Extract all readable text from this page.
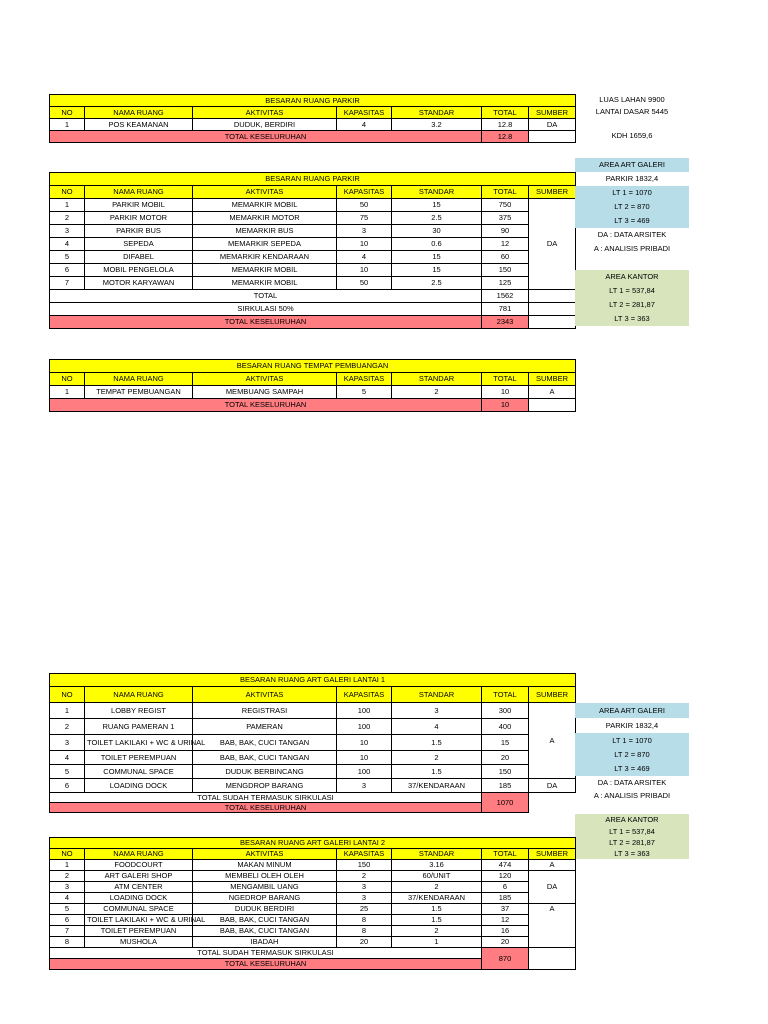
BESARAN RUANG PARKIR						
NO	NAMA RUANG	AKTIVITAS	KAPASITAS	STANDAR	TOTAL	SUMBER
1	POS KEAMANAN	DUDUK, BERDIRI	4	3.2	12.8	DA
TOTAL KESELURUHAN					12.8	
LUAS LAHAN 9900
LANTAI DASAR 5445
KDH 1659,6
BESARAN RUANG PARKIR						
NO	NAMA RUANG	AKTIVITAS	KAPASITAS	STANDAR	TOTAL	SUMBER
1	PARKIR MOBIL	MEMARKIR MOBIL	50	15	750	DA
2	PARKIR MOTOR	MEMARKIR MOTOR	75	2.5	375	
3	PARKIR BUS	MEMARKIR BUS	3	30	90	
4	SEPEDA	MEMARKIR SEPEDA	10	0.6	12	
5	DIFABEL	MEMARKIR KENDARAAN	4	15	60	
6	MOBIL PENGELOLA	MEMARKIR MOBIL	10	15	150	
7	MOTOR KARYAWAN	MEMARKIR MOBIL	50	2.5	125	
TOTAL					1562	
SIRKULASI 50%					781	
TOTAL KESELURUHAN					2343	
AREA ART GALERI
PARKIR 1832,4
LT 1 = 1070
LT 2 = 870
LT 3 = 469
DA : DATA ARSITEK
A : ANALISIS PRIBADI
AREA KANTOR
LT 1 = 537,84
LT 2 = 281,87
LT 3 = 363
BESARAN RUANG TEMPAT PEMBUANGAN						
NO	NAMA RUANG	AKTIVITAS	KAPASITAS	STANDAR	TOTAL	SUMBER
1	TEMPAT PEMBUANGAN	MEMBUANG SAMPAH	5	2	10	A
TOTAL KESELURUHAN					10	
BESARAN RUANG ART GALERI LANTAI 1						
NO	NAMA RUANG	AKTIVITAS	KAPASITAS	STANDAR	TOTAL	SUMBER
1	LOBBY REGIST	REGISTRASI	100	3	300	A
2	RUANG PAMERAN 1	PAMERAN	100	4	400	
3	TOILET LAKILAKI + WC & URINAL	BAB, BAK, CUCI TANGAN	10	1.5	15	
4	TOILET PEREMPUAN	BAB, BAK, CUCI TANGAN	10	2	20	
5	COMMUNAL SPACE	DUDUK BERBINCANG	100	1.5	150	
6	LOADING DOCK	MENGDROP BARANG	3	37/KENDARAAN	185	DA
TOTAL SUDAH TERMASUK SIRKULASI					1070	
TOTAL KESELURUHAN						
AREA ART GALERI
PARKIR 1832,4
LT 1 = 1070
LT 2 = 870
LT 3 = 469
DA : DATA ARSITEK
A : ANALISIS PRIBADI
AREA KANTOR
LT 1 = 537,84
LT 2 = 281,87
LT 3 = 363
BESARAN RUANG ART GALERI LANTAI 2						
NO	NAMA RUANG	AKTIVITAS	KAPASITAS	STANDAR	TOTAL	SUMBER
1	FOODCOURT	MAKAN MINUM	150	3.16	474	A
2	ART GALERI SHOP	MEMBELI OLEH OLEH	2	60/UNIT	120	DA
3	ATM CENTER	MENGAMBIL UANG	3	2	6	
4	LOADING DOCK	NGEDROP BARANG	3	37/KENDARAAN	185	
5	COMMUNAL SPACE	DUDUK BERDIRI	25	1.5	37	A
6	TOILET LAKILAKI + WC & URINAL	BAB, BAK, CUCI TANGAN	8	1.5	12	
7	TOILET PEREMPUAN	BAB, BAK, CUCI TANGAN	8	2	16	
8	MUSHOLA	IBADAH	20	1	20	
TOTAL SUDAH TERMASUK SIRKULASI					870	
TOTAL KESELURUHAN						
